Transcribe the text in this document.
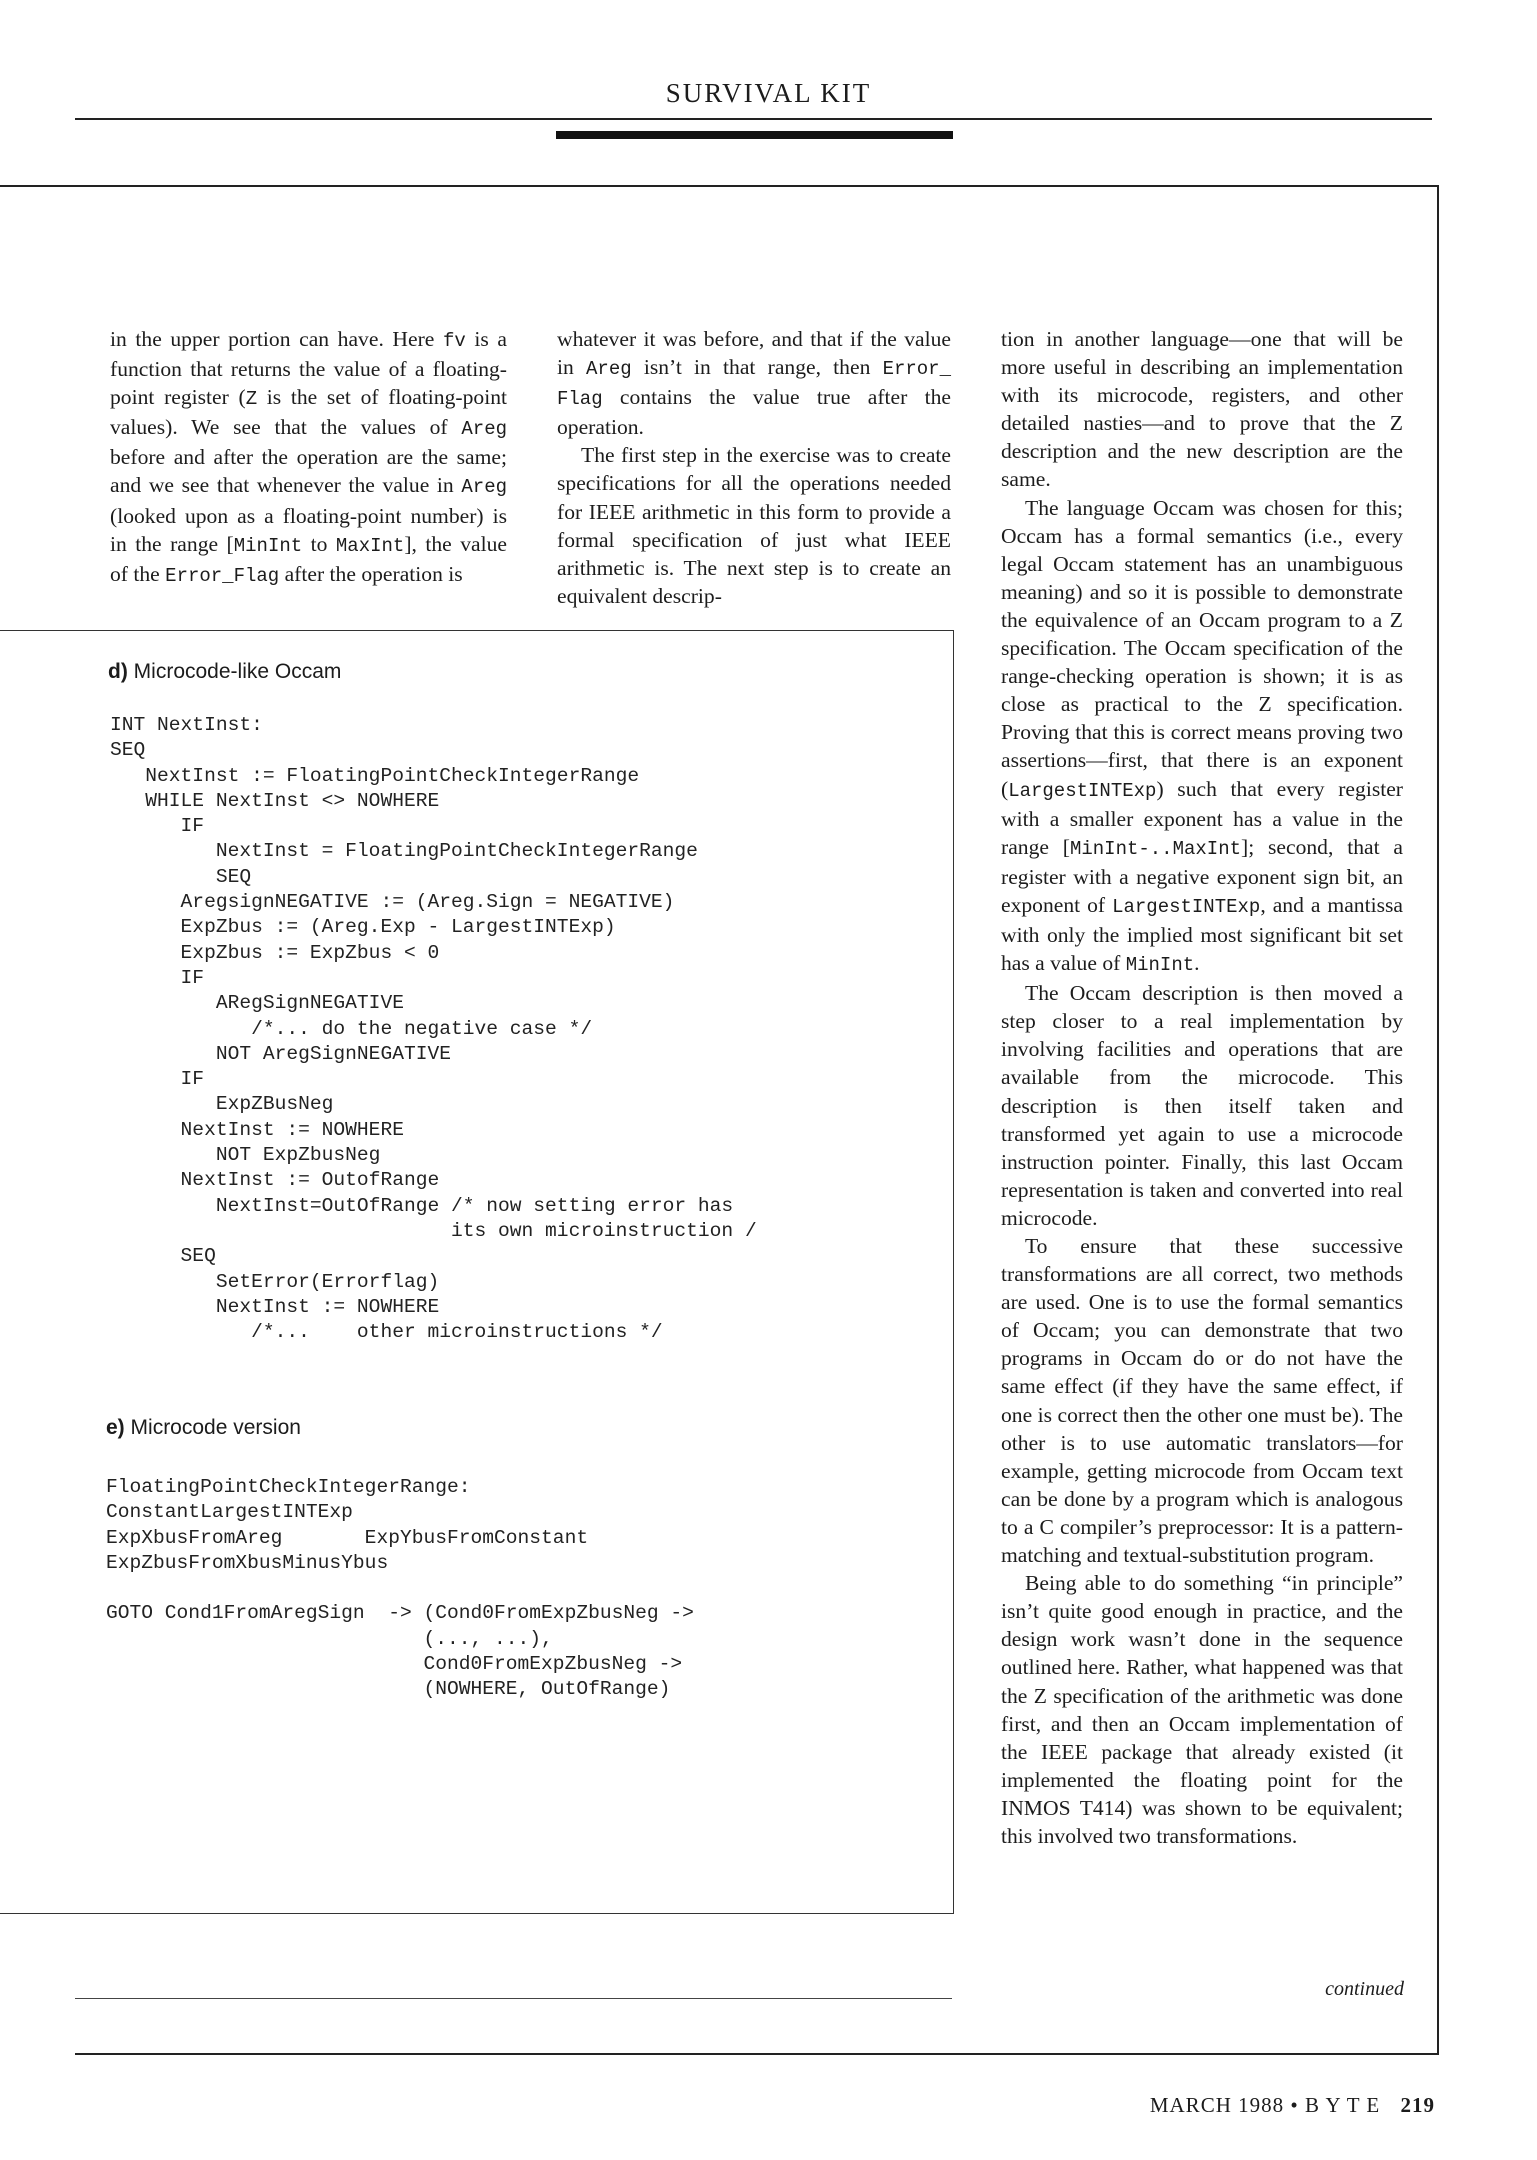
SURVIVAL KIT

in the upper portion can have. Here fv is a function that returns the value of a floating-point register (Z is the set of floating-point values). We see that the values of Areg before and after the operation are the same; and we see that whenever the value in Areg (looked upon as a floating-point number) is in the range [MinInt to MaxInt], the value of the Error_Flag after the operation is

whatever it was before, and that if the value in Areg isn’t in that range, then Error_ Flag contains the value true after the operation.

The first step in the exercise was to create specifications for all the operations needed for IEEE arithmetic in this form to provide a formal specification of just what IEEE arithmetic is. The next step is to create an equivalent descrip-

tion in another language—one that will be more useful in describing an implementation with its microcode, registers, and other detailed nasties—and to prove that the Z description and the new description are the same.

The language Occam was chosen for this; Occam has a formal semantics (i.e., every legal Occam statement has an unambiguous meaning) and so it is possible to demonstrate the equivalence of an Occam program to a Z specification. The Occam specification of the range-checking operation is shown; it is as close as practical to the Z specification. Proving that this is correct means proving two assertions—first, that there is an exponent (LargestINTExp) such that every register with a smaller exponent has a value in the range [MinInt-..MaxInt]; second, that a register with a negative exponent sign bit, an exponent of LargestINTExp, and a mantissa with only the implied most significant bit set has a value of MinInt.

The Occam description is then moved a step closer to a real implementation by involving facilities and operations that are available from the microcode. This description is then itself taken and transformed yet again to use a microcode instruction pointer. Finally, this last Occam representation is taken and converted into real microcode.

To ensure that these successive transformations are all correct, two methods are used. One is to use the formal semantics of Occam; you can demonstrate that two programs in Occam do or do not have the same effect (if they have the same effect, if one is correct then the other one must be). The other is to use automatic translators—for example, getting microcode from Occam text can be done by a program which is analogous to a C compiler’s preprocessor: It is a pattern-matching and textual-substitution program.

Being able to do something “in principle” isn’t quite good enough in practice, and the design work wasn’t done in the sequence outlined here. Rather, what happened was that the Z specification of the arithmetic was done first, and then an Occam implementation of the IEEE package that already existed (it implemented the floating point for the INMOS T414) was shown to be equivalent; this involved two transformations.

continued
d) Microcode-like Occam
INT NextInst:
SEQ
NextInst := FloatingPointCheckIntegerRange
WHILE NextInst <> NOWHERE
IF
NextInst = FloatingPointCheckIntegerRange
SEQ
AregsignNEGATIVE := (Areg.Sign = NEGATIVE)
ExpZbus := (Areg.Exp - LargestINTExp)
ExpZbus := ExpZbus < 0
IF
ARegSignNEGATIVE
/*... do the negative case */
NOT AregSignNEGATIVE
IF
ExpZBusNeg
NextInst := NOWHERE
NOT ExpZbusNeg
NextInst := OutofRange
NextInst=OutOfRange /* now setting error has
its own microinstruction /
SEQ
SetError(Errorflag)
NextInst := NOWHERE
/*...    other microinstructions */
e) Microcode version
FloatingPointCheckIntegerRange:
ConstantLargestINTExp
ExpXbusFromAreg       ExpYbusFromConstant
ExpZbusFromXbusMinusYbus

GOTO Cond1FromAregSign  -> (Cond0FromExpZbusNeg ->
(..., ...),
Cond0FromExpZbusNeg ->
(NOWHERE, OutOfRange)
MARCH 1988 • B Y T E 219
